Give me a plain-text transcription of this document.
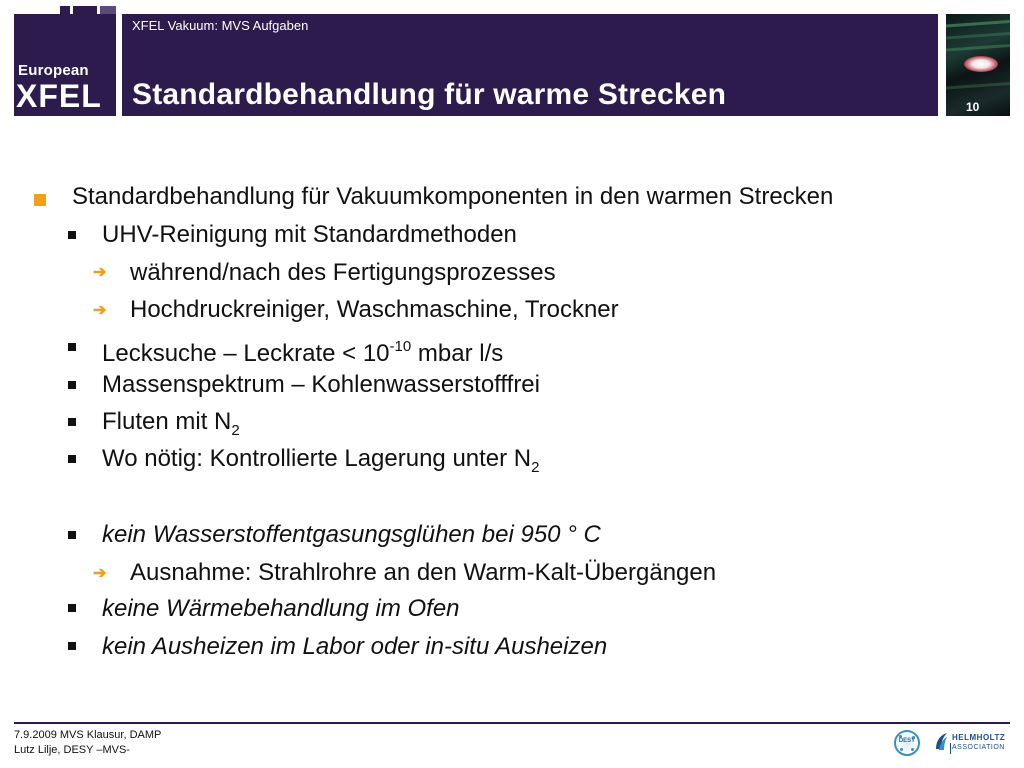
European
XFEL
XFEL Vakuum: MVS Aufgaben
Standardbehandlung für warme Strecken	10
Standardbehandlung für Vakuumkomponenten in den warmen Strecken
UHV-Reinigung mit Standardmethoden
➔ während/nach des Fertigungsprozesses
➔ Hochdruckreiniger, Waschmaschine, Trockner
Lecksuche – Leckrate < $10^{-10}$ mbar l/s
Massenspektrum – Kohlenwasserstofffrei
Fluten mit $N_2$
Wo nötig: Kontrollierte Lagerung unter $N_2$
kein Wasserstoffentgasungsglühen bei 950 ° C
➔ Ausnahme: Strahlrohre an den Warm-Kalt-Übergängen
keine Wärmebehandlung im Ofen
kein Ausheizen im Labor oder in-situ Ausheizen
7.9.2009 MVS Klausur, DAMP
Lutz Lilje, DESY –MVS-
DESY	HELMHOLTZ
ASSOCIATION
